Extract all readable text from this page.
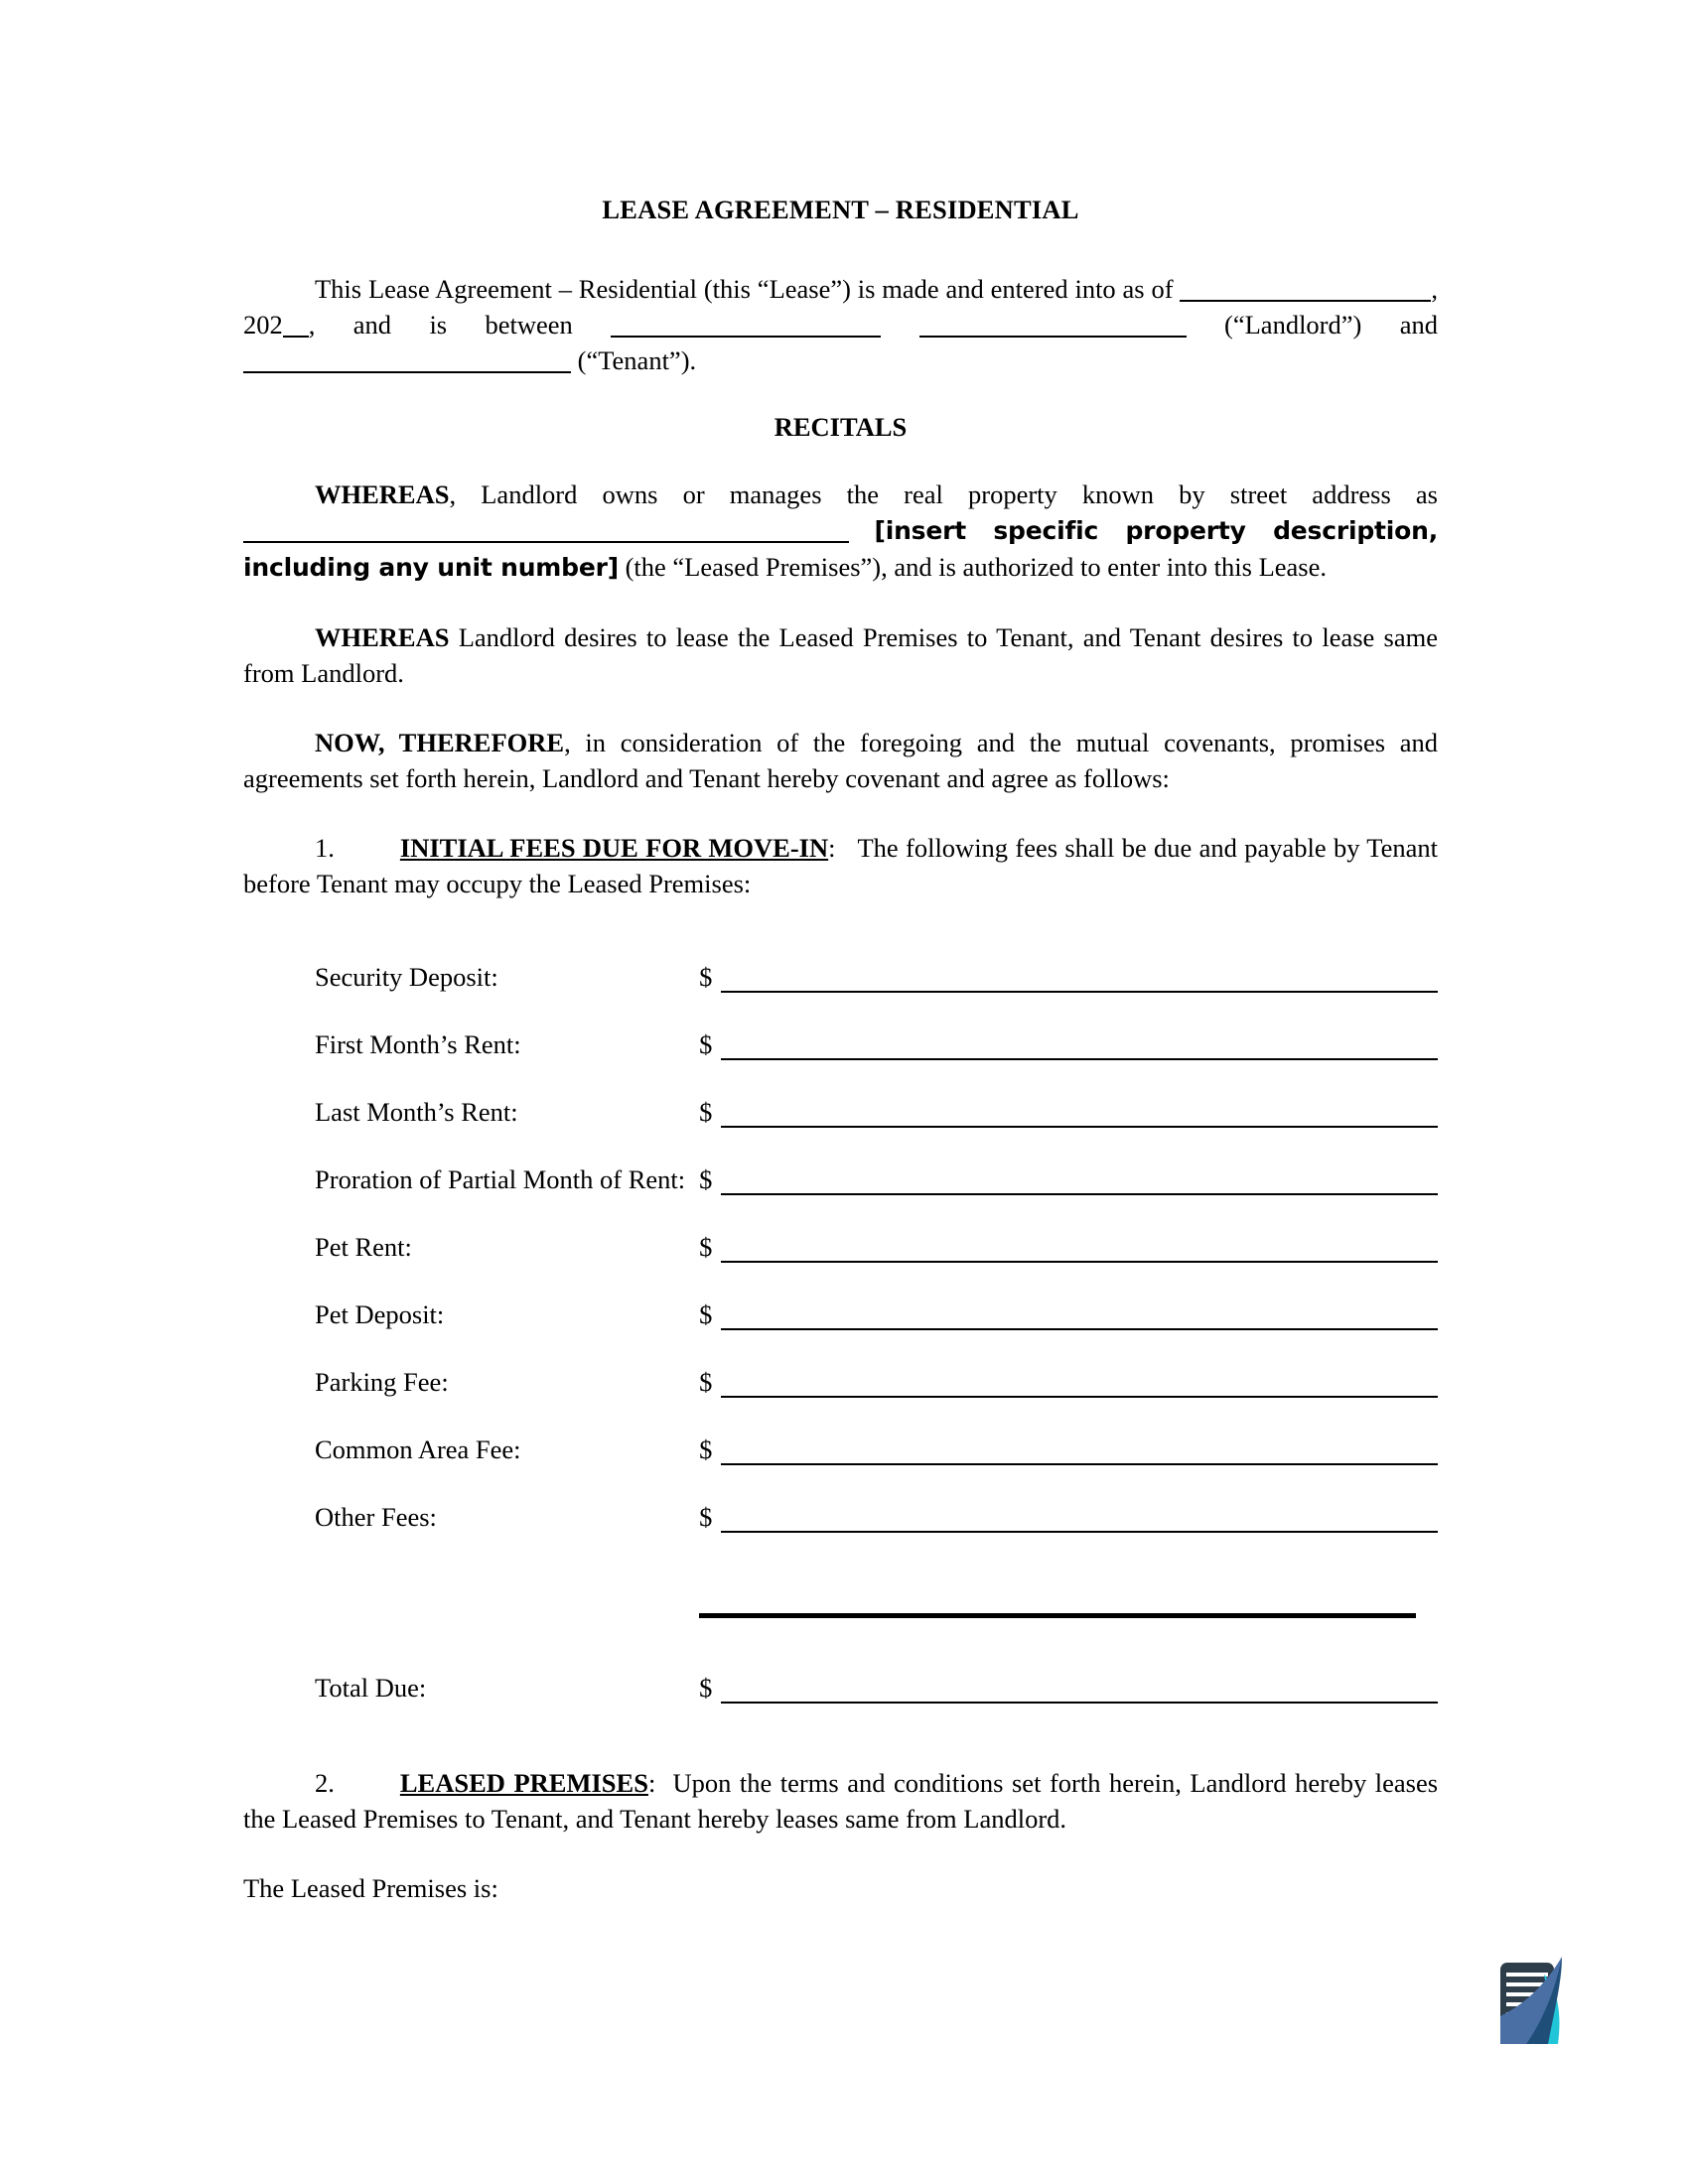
LEASE AGREEMENT – RESIDENTIAL

This Lease Agreement – Residential (this “Lease”) is made and entered into as of	, 202 , and is between	(“Landlord”) and  (“Tenant”).

RECITALS

WHEREAS, Landlord owns or manages the real property known by street address as  [insert specific property description, including any unit number] (the “Leased Premises”), and is authorized to enter into this Lease.

WHEREAS Landlord desires to lease the Leased Premises to Tenant, and Tenant desires to lease same from Landlord.

NOW, THEREFORE, in consideration of the foregoing and the mutual covenants, promises and agreements set forth herein, Landlord and Tenant hereby covenant and agree as follows:

1. INITIAL FEES DUE FOR MOVE-IN: The following fees shall be due and payable by Tenant before Tenant may occupy the Leased Premises:

Security Deposit:		$	

First Month’s Rent:		$	

Last Month’s Rent:		$	

Proration of Partial Month of Rent:		$	

Pet Rent:		$	

Pet Deposit:		$	

Parking Fee:		$	

Common Area Fee:		$	

Other Fees:		$	

Total Due:		$	

2. LEASED PREMISES: Upon the terms and conditions set forth herein, Landlord hereby leases the Leased Premises to Tenant, and Tenant hereby leases same from Landlord.

The Leased Premises is:
